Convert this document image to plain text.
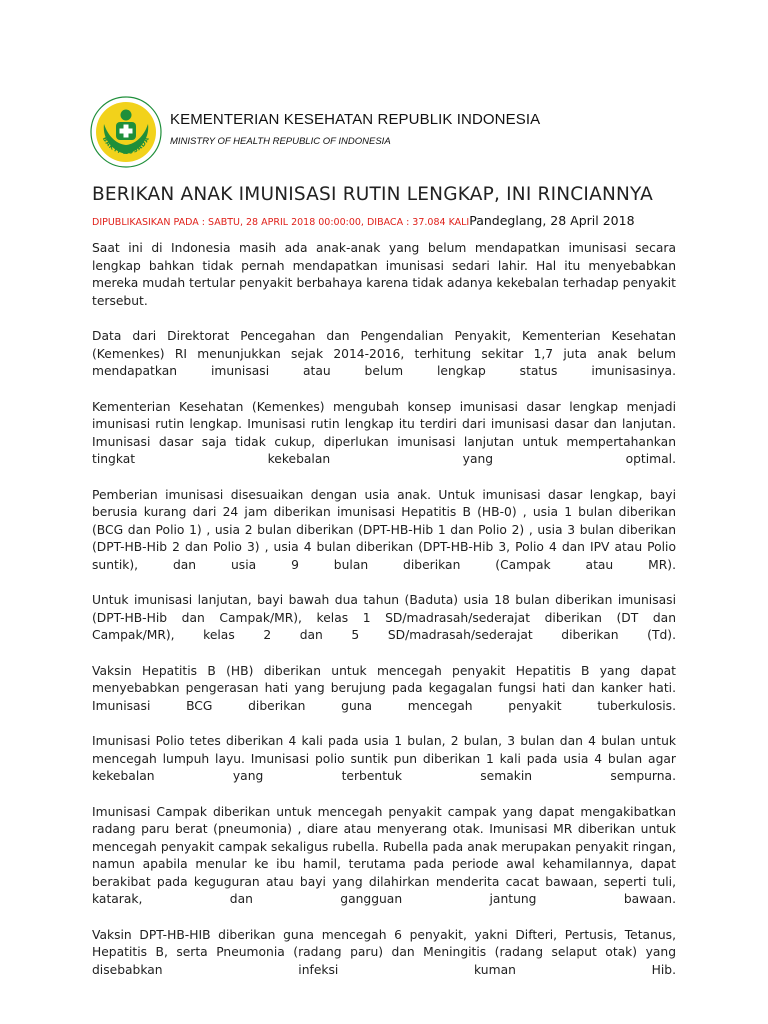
BAKTI HUSADA
KEMENTERIAN KESEHATAN REPUBLIK INDONESIA
MINISTRY OF HEALTH REPUBLIC OF INDONESIA
BERIKAN ANAK IMUNISASI RUTIN LENGKAP, INI RINCIANNYA
DIPUBLIKASIKAN PADA : SABTU, 28 APRIL 2018 00:00:00, DIBACA : 37.084 KALIPandeglang, 28 April 2018

Saat ini di Indonesia masih ada anak-anak yang belum mendapatkan imunisasi secara lengkap bahkan tidak pernah mendapatkan imunisasi sedari lahir. Hal itu menyebabkan mereka mudah tertular penyakit berbahaya karena tidak adanya kekebalan terhadap penyakit tersebut.

Data dari Direktorat Pencegahan dan Pengendalian Penyakit, Kementerian Kesehatan (Kemenkes) RI menunjukkan sejak 2014-2016, terhitung sekitar 1,7 juta anak belum mendapatkan imunisasi atau belum lengkap status imunisasinya.

Kementerian Kesehatan (Kemenkes) mengubah konsep imunisasi dasar lengkap menjadi imunisasi rutin lengkap. Imunisasi rutin lengkap itu terdiri dari imunisasi dasar dan lanjutan. Imunisasi dasar saja tidak cukup, diperlukan imunisasi lanjutan untuk mempertahankan tingkat kekebalan yang optimal.

Pemberian imunisasi disesuaikan dengan usia anak. Untuk imunisasi dasar lengkap, bayi berusia kurang dari 24 jam diberikan imunisasi Hepatitis B (HB-0) , usia 1 bulan diberikan (BCG dan Polio 1) , usia 2 bulan diberikan (DPT-HB-Hib 1 dan Polio 2) , usia 3 bulan diberikan (DPT-HB-Hib 2 dan Polio 3) , usia 4 bulan diberikan (DPT-HB-Hib 3, Polio 4 dan IPV atau Polio suntik), dan usia 9 bulan diberikan (Campak atau MR).

Untuk imunisasi lanjutan, bayi bawah dua tahun (Baduta) usia 18 bulan diberikan imunisasi (DPT-HB-Hib dan Campak/MR), kelas 1 SD/madrasah/sederajat diberikan (DT dan Campak/MR), kelas 2 dan 5 SD/madrasah/sederajat diberikan (Td).

Vaksin Hepatitis B (HB) diberikan untuk mencegah penyakit Hepatitis B yang dapat menyebabkan pengerasan hati yang berujung pada kegagalan fungsi hati dan kanker hati. Imunisasi BCG diberikan guna mencegah penyakit tuberkulosis.

Imunisasi Polio tetes diberikan 4 kali pada usia 1 bulan, 2 bulan, 3 bulan dan 4 bulan untuk mencegah lumpuh layu. Imunisasi polio suntik pun diberikan 1 kali pada usia 4 bulan agar kekebalan yang terbentuk semakin sempurna.

Imunisasi Campak diberikan untuk mencegah penyakit campak yang dapat mengakibatkan radang paru berat (pneumonia) , diare atau menyerang otak. Imunisasi MR diberikan untuk mencegah penyakit campak sekaligus rubella. Rubella pada anak merupakan penyakit ringan, namun apabila menular ke ibu hamil, terutama pada periode awal kehamilannya, dapat berakibat pada keguguran atau bayi yang dilahirkan menderita cacat bawaan, seperti tuli, katarak, dan gangguan jantung bawaan.

Vaksin DPT-HB-HIB diberikan guna mencegah 6 penyakit, yakni Difteri, Pertusis, Tetanus, Hepatitis B, serta Pneumonia (radang paru) dan Meningitis (radang selaput otak) yang disebabkan infeksi kuman Hib.
